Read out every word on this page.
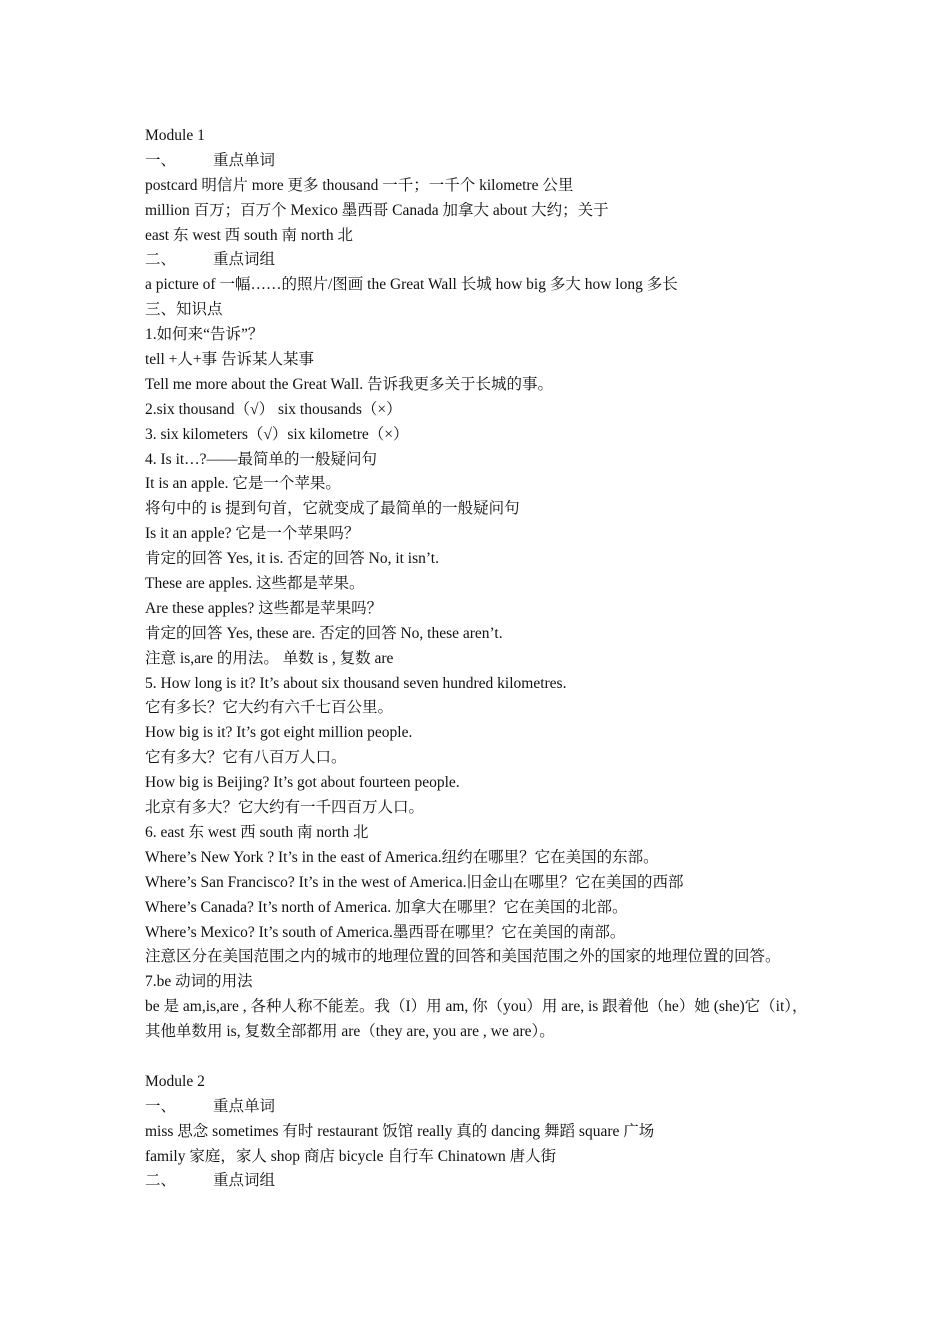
Module 1
一、 重点单词
postcard 明信片 more 更多 thousand 一千；一千个 kilometre 公里
million 百万；百万个 Mexico 墨西哥 Canada 加拿大 about 大约；关于
east 东 west 西 south 南 north 北
二、 重点词组
a picture of 一幅……的照片/图画 the Great Wall 长城 how big 多大 how long 多长
三、知识点
1.如何来“告诉”？
tell +人+事 告诉某人某事
Tell me more about the Great Wall. 告诉我更多关于长城的事。
2.six thousand（√） six thousands（×）
3. six kilometers（√）six kilometre（×）
4. Is it…?——最简单的一般疑问句
It is an apple. 它是一个苹果。
将句中的 is 提到句首，它就变成了最简单的一般疑问句
Is it an apple? 它是一个苹果吗？
肯定的回答 Yes, it is. 否定的回答 No, it isn’t.
These are apples. 这些都是苹果。
Are these apples? 这些都是苹果吗？
肯定的回答 Yes, these are. 否定的回答 No, these aren’t.
注意 is,are 的用法。 单数 is , 复数 are
5. How long is it? It’s about six thousand seven hundred kilometres.
它有多长？它大约有六千七百公里。
How big is it? It’s got eight million people.
它有多大？它有八百万人口。
How big is Beijing? It’s got about fourteen people.
北京有多大？它大约有一千四百万人口。
6. east 东 west 西 south 南 north 北
Where’s New York ? It’s in the east of America.纽约在哪里？它在美国的东部。
Where’s San Francisco? It’s in the west of America.旧金山在哪里？它在美国的西部
Where’s Canada? It’s north of America. 加拿大在哪里？它在美国的北部。
Where’s Mexico? It’s south of America.墨西哥在哪里？它在美国的南部。
注意区分在美国范围之内的城市的地理位置的回答和美国范围之外的国家的地理位置的回答。
7.be 动词的用法
be 是 am,is,are , 各种人称不能差。我（I）用 am, 你（you）用 are, is 跟着他（he）她 (she)它（it），其他单数用 is, 复数全部都用 are（they are, you are , we are）。
Module 2
一、 重点单词
miss 思念 sometimes 有时 restaurant 饭馆 really 真的 dancing 舞蹈 square 广场
family 家庭，家人 shop 商店 bicycle 自行车 Chinatown 唐人街
二、 重点词组
